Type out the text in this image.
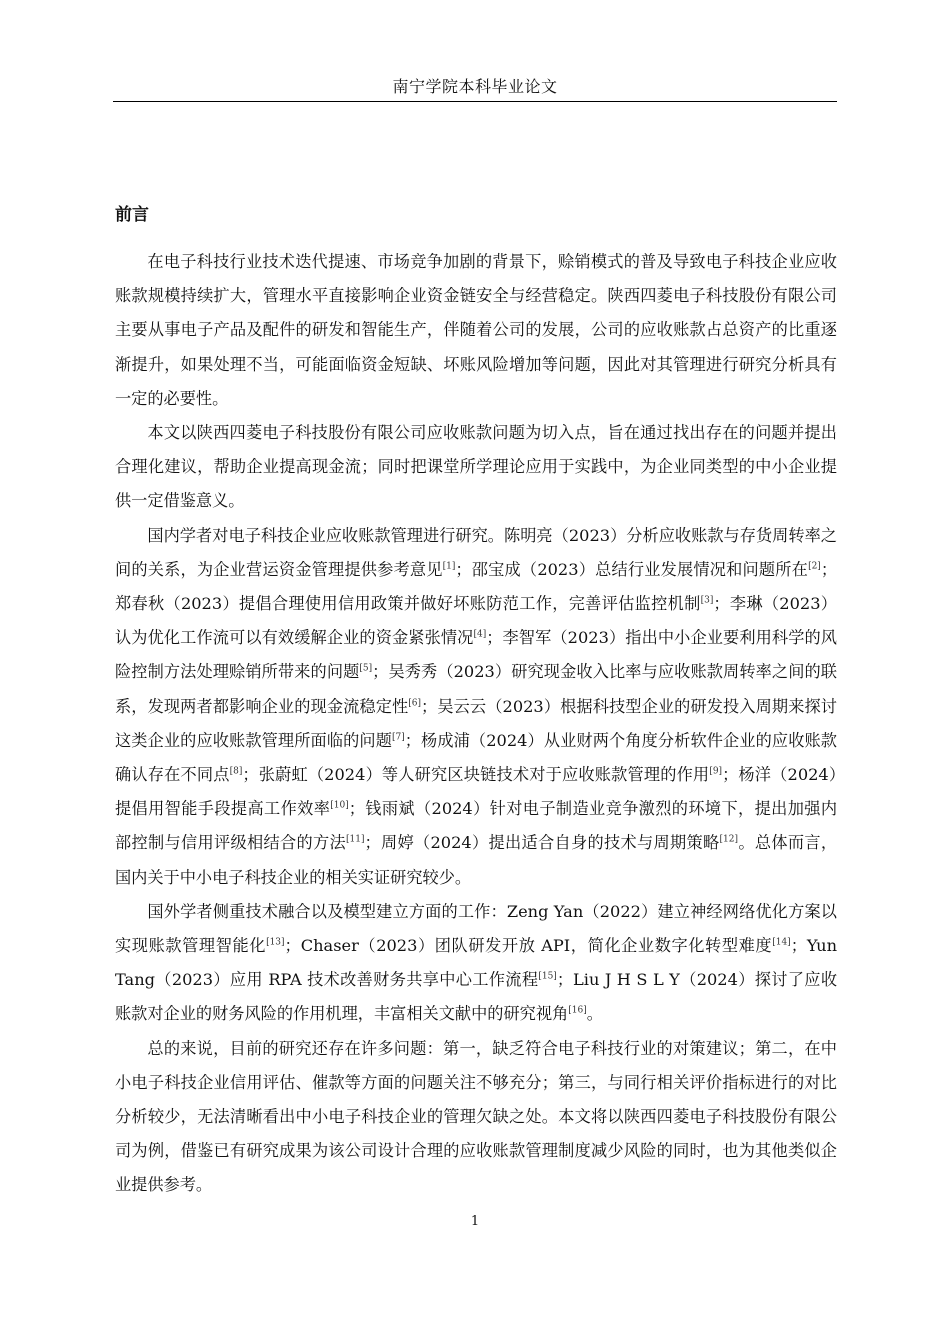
南宁学院本科毕业论文
前言

在电子科技行业技术迭代提速、市场竞争加剧的背景下，赊销模式的普及导致电子科技企业应收账款规模持续扩大，管理水平直接影响企业资金链安全与经营稳定。陕西四菱电子科技股份有限公司主要从事电子产品及配件的研发和智能生产，伴随着公司的发展，公司的应收账款占总资产的比重逐渐提升，如果处理不当，可能面临资金短缺、坏账风险增加等问题，因此对其管理进行研究分析具有一定的必要性。

本文以陕西四菱电子科技股份有限公司应收账款问题为切入点，旨在通过找出存在的问题并提出合理化建议，帮助企业提高现金流；同时把课堂所学理论应用于实践中，为企业同类型的中小企业提供一定借鉴意义。

国内学者对电子科技企业应收账款管理进行研究。陈明亮（2023）分析应收账款与存货周转率之间的关系，为企业营运资金管理提供参考意见[1]；邵宝成（2023）总结行业发展情况和问题所在[2]；郑春秋（2023）提倡合理使用信用政策并做好坏账防范工作，完善评估监控机制[3]；李琳（2023）认为优化工作流可以有效缓解企业的资金紧张情况[4]；李智军（2023）指出中小企业要利用科学的风险控制方法处理赊销所带来的问题[5]；吴秀秀（2023）研究现金收入比率与应收账款周转率之间的联系，发现两者都影响企业的现金流稳定性[6]；吴云云（2023）根据科技型企业的研发投入周期来探讨这类企业的应收账款管理所面临的问题[7]；杨成浦（2024）从业财两个角度分析软件企业的应收账款确认存在不同点[8]；张蔚虹（2024）等人研究区块链技术对于应收账款管理的作用[9]；杨洋（2024）提倡用智能手段提高工作效率[10]；钱雨斌（2024）针对电子制造业竞争激烈的环境下，提出加强内部控制与信用评级相结合的方法[11]；周婷（2024）提出适合自身的技术与周期策略[12]。总体而言，国内关于中小电子科技企业的相关实证研究较少。

国外学者侧重技术融合以及模型建立方面的工作：Zeng Yan（2022）建立神经网络优化方案以实现账款管理智能化[13]；Chaser（2023）团队研发开放 API，简化企业数字化转型难度[14]；Yun Tang（2023）应用 RPA 技术改善财务共享中心工作流程[15]；Liu J H S L Y（2024）探讨了应收账款对企业的财务风险的作用机理，丰富相关文献中的研究视角[16]。

总的来说，目前的研究还存在许多问题：第一，缺乏符合电子科技行业的对策建议；第二，在中小电子科技企业信用评估、催款等方面的问题关注不够充分；第三，与同行相关评价指标进行的对比分析较少，无法清晰看出中小电子科技企业的管理欠缺之处。本文将以陕西四菱电子科技股份有限公司为例，借鉴已有研究成果为该公司设计合理的应收账款管理制度减少风险的同时，也为其他类似企业提供参考。

1
